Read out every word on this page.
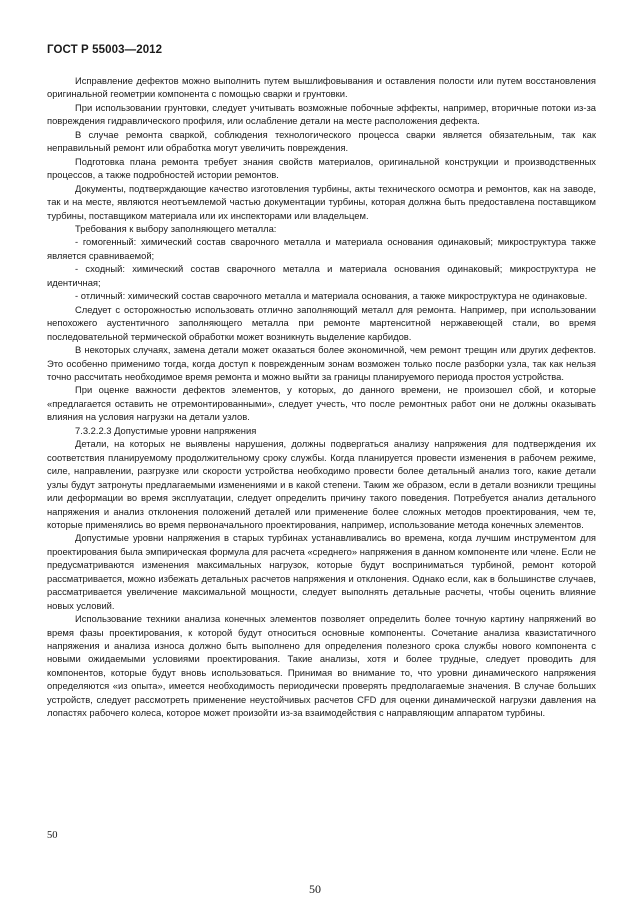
ГОСТ Р 55003—2012

Исправление дефектов можно выполнить путем вышлифовывания и оставления полости или путем восстановления оригинальной геометрии компонента с помощью сварки и грунтовки.

При использовании грунтовки, следует учитывать возможные побочные эффекты, например, вторичные потоки из-за повреждения гидравлического профиля, или ослабление детали на месте расположения дефекта.

В случае ремонта сваркой, соблюдения технологического процесса сварки является обязательным, так как неправильный ремонт или обработка могут увеличить повреждения.

Подготовка плана ремонта требует знания свойств материалов, оригинальной конструкции и производственных процессов, а также подробностей истории ремонтов.

Документы, подтверждающие качество изготовления турбины, акты технического осмотра и ремонтов, как на заводе, так и на месте, являются неотъемлемой частью документации турбины, которая должна быть предоставлена поставщиком турбины, поставщиком материала или их инспекторами или владельцем.

Требования к выбору заполняющего металла:

- гомогенный: химический состав сварочного металла и материала основания одинаковый; микроструктура также является сравниваемой;

- сходный: химический состав сварочного металла и материала основания одинаковый; микроструктура не идентичная;

- отличный: химический состав сварочного металла и материала основания, а также микроструктура не одинаковые.

Следует с осторожностью использовать отлично заполняющий металл для ремонта. Например, при использовании непохожего аустентичного заполняющего металла при ремонте мартенситной нержавеющей стали, во время последовательной термической обработки может возникнуть выделение карбидов.

В некоторых случаях, замена детали может оказаться более экономичной, чем ремонт трещин или других дефектов. Это особенно применимо тогда, когда доступ к поврежденным зонам возможен только после разборки узла, так как нельзя точно рассчитать необходимое время ремонта и можно выйти за границы планируемого периода простоя устройства.

При оценке важности дефектов элементов, у которых, до данного времени, не произошел сбой, и которые «предлагается оставить не отремонтированными», следует учесть, что после ремонтных работ они не должны оказывать влияния на условия нагрузки на детали узлов.

7.3.2.2.3 Допустимые уровни напряжения

Детали, на которых не выявлены нарушения, должны подвергаться анализу напряжения для подтверждения их соответствия планируемому продолжительному сроку службы. Когда планируется провести изменения в рабочем режиме, силе, направлении, разгрузке или скорости устройства необходимо провести более детальный анализ того, какие детали узлы будут затронуты предлагаемыми изменениями и в какой степени. Таким же образом, если в детали возникли трещины или деформации во время эксплуатации, следует определить причину такого поведения. Потребуется анализ детального напряжения и анализ отклонения положений деталей или применение более сложных методов проектирования, чем те, которые применялись во время первоначального проектирования, например, использование метода конечных элементов.

Допустимые уровни напряжения в старых турбинах устанавливались во времена, когда лучшим инструментом для проектирования была эмпирическая формула для расчета «среднего» напряжения в данном компоненте или члене. Если не предусматриваются изменения максимальных нагрузок, которые будут восприниматься турбиной, ремонт которой рассматривается, можно избежать детальных расчетов напряжения и отклонения. Однако если, как в большинстве случаев, рассматривается увеличение максимальной мощности, следует выполнять детальные расчеты, чтобы оценить влияние новых условий.

Использование техники анализа конечных элементов позволяет определить более точную картину напряжений во время фазы проектирования, к которой будут относиться основные компоненты. Сочетание анализа квазистатичного напряжения и анализа износа должно быть выполнено для определения полезного срока службы нового компонента с новыми ожидаемыми условиями проектирования. Такие анализы, хотя и более трудные, следует проводить для компонентов, которые будут вновь использоваться. Принимая во внимание то, что уровни динамического напряжения определяются «из опыта», имеется необходимость периодически проверять предполагаемые значения. В случае больших устройств, следует рассмотреть применение неустойчивых расчетов CFD для оценки динамической нагрузки давления на лопастях рабочего колеса, которое может произойти из-за взаимодействия с направляющим аппаратом турбины.

50
50
